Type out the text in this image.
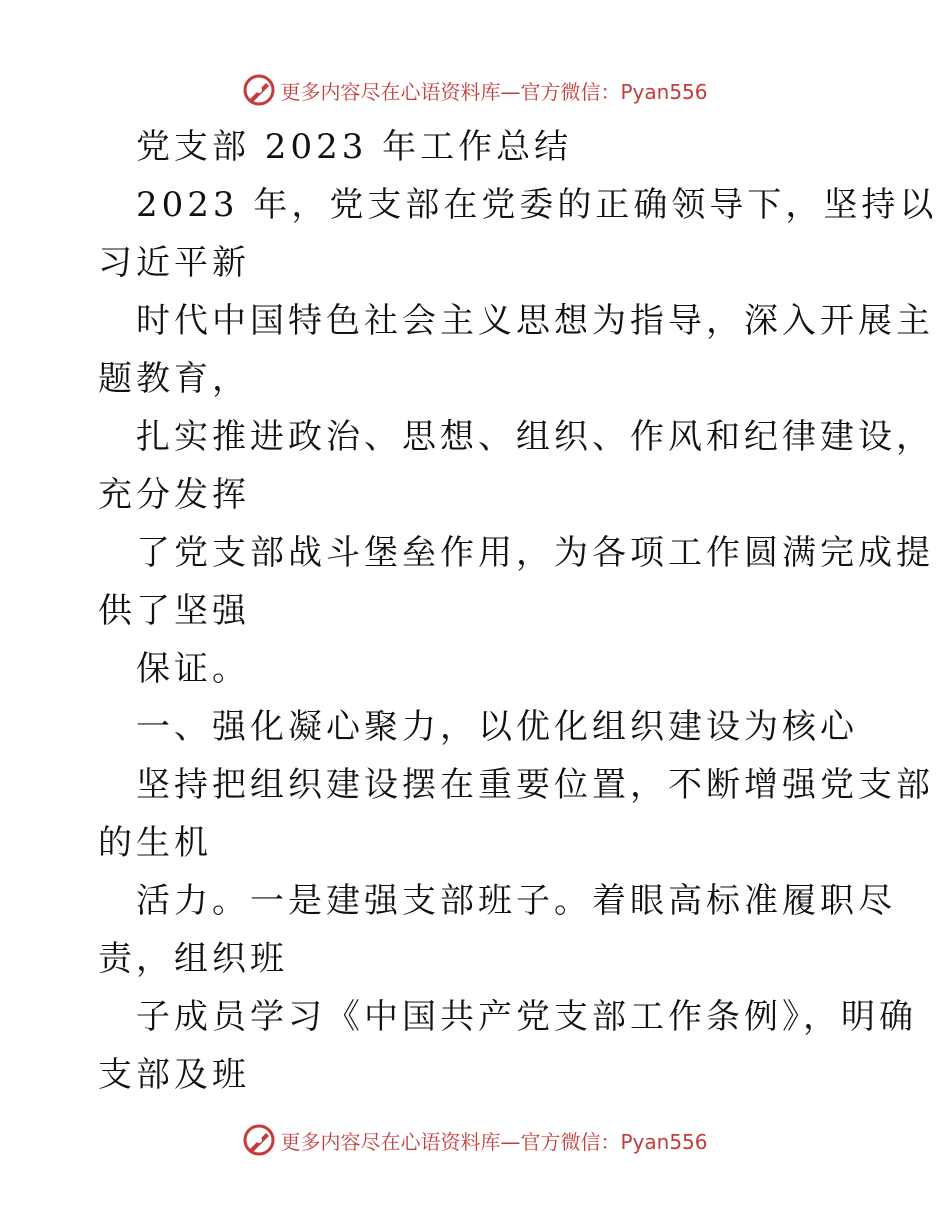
更多内容尽在心语资料库—官方微信：Pyan556
党支部 2023 年工作总结
2023 年，党支部在党委的正确领导下，坚持以
习近平新
时代中国特色社会主义思想为指导，深入开展主
题教育，
扎实推进政治、思想、组织、作风和纪律建设，
充分发挥
了党支部战斗堡垒作用，为各项工作圆满完成提
供了坚强
保证。
一、强化凝心聚力，以优化组织建设为核心
坚持把组织建设摆在重要位置，不断增强党支部
的生机
活力。一是建强支部班子。着眼高标准履职尽
责，组织班
子成员学习《中国共产党支部工作条例》，明确
支部及班
更多内容尽在心语资料库—官方微信：Pyan556
